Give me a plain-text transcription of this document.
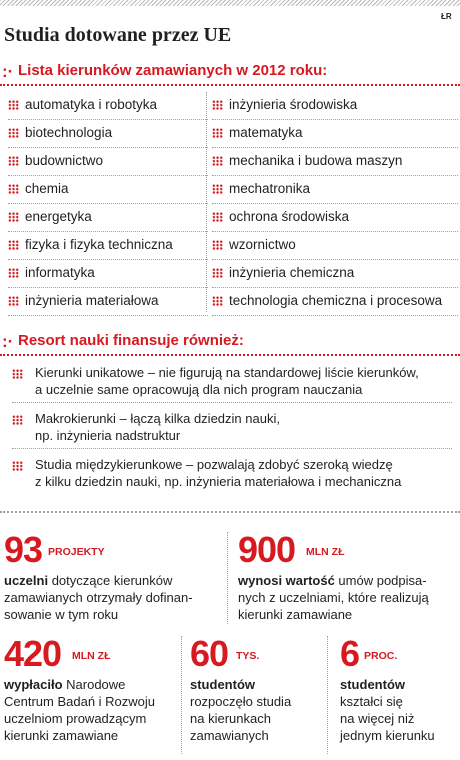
ŁR
Studia dotowane przez UE
:· Lista kierunków zamawianych w 2012 roku:
automatyka i robotyka
biotechnologia
budownictwo
chemia
energetyka
fizyka i fizyka techniczna
informatyka
inżynieria materiałowa
inżynieria środowiska
matematyka
mechanika i budowa maszyn
mechatronika
ochrona środowiska
wzornictwo
inżynieria chemiczna
technologia chemiczna i procesowa
:· Resort nauki finansuje również:
Kierunki unikatowe – nie figurują na standardowej liście kierunków,
a uczelnie same opracowują dla nich program nauczania
Makrokierunki – łączą kilka dziedzin nauki,
np. inżynieria nadstruktur
Studia międzykierunkowe – pozwalają zdobyć szeroką wiedzę
z kilku dziedzin nauki, np. inżynieria materiałowa i mechaniczna
93 PROJEKTY
uczelni dotyczące kierunków
zamawianych otrzymały dofinan-
sowanie w tym roku
900 MLN ZŁ
wynosi wartość umów podpisa-
nych z uczelniami, które realizują
kierunki zamawiane
420 MLN ZŁ
wypłaciło Narodowe
Centrum Badań i Rozwoju
uczelniom prowadzącym
kierunki zamawiane
60 TYS.
studentów
rozpoczęło studia
na kierunkach
zamawianych
6 PROC.
studentów
kształci się
na więcej niż
jednym kierunku
